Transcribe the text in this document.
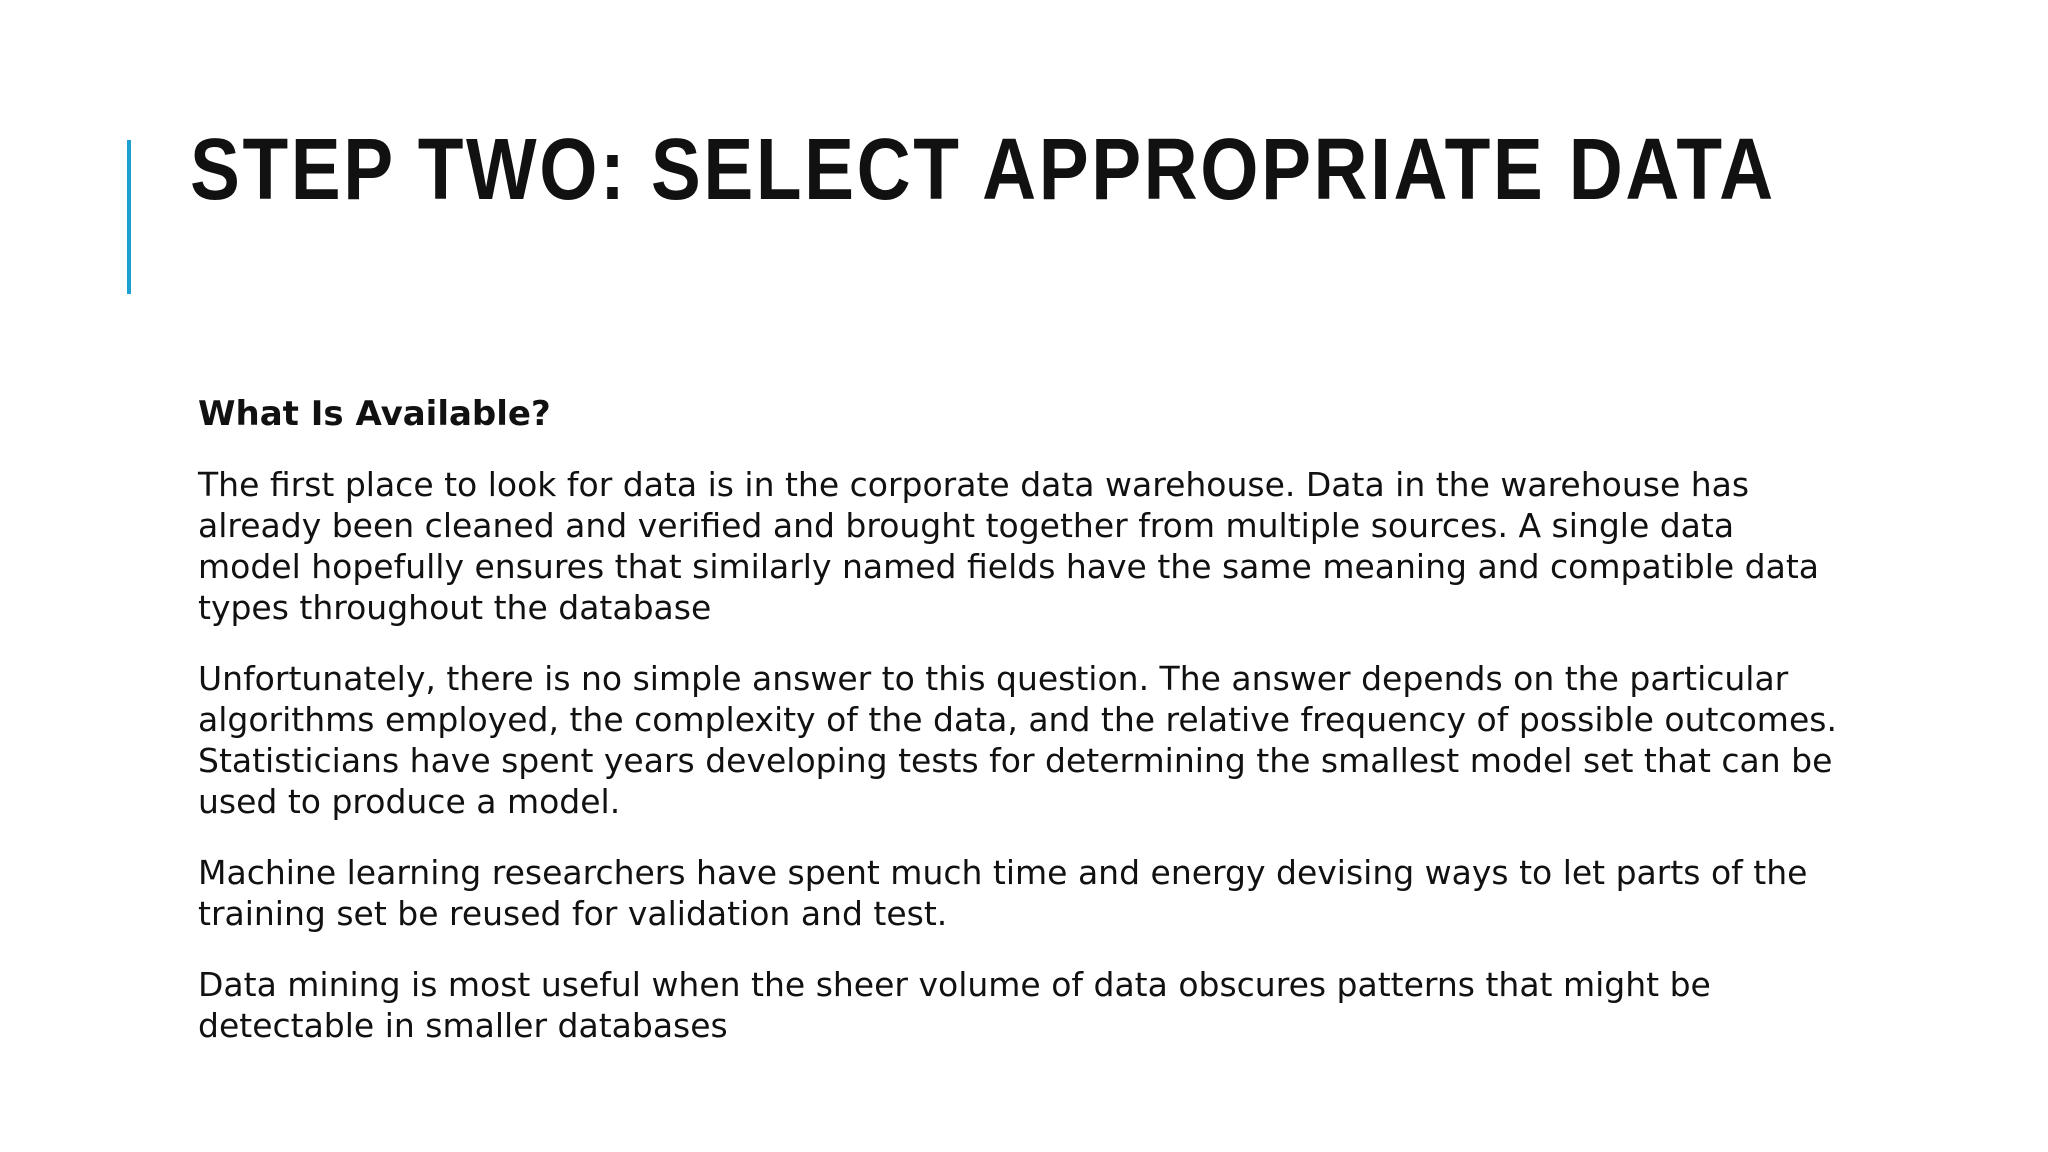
STEP TWO: SELECT APPROPRIATE DATA

What Is Available?

The first place to look for data is in the corporate data warehouse. Data in the warehouse has already been cleaned and verified and brought together from multiple sources. A single data model hopefully ensures that similarly named fields have the same meaning and compatible data types throughout the database

Unfortunately, there is no simple answer to this question. The answer depends on the particular algorithms employed, the complexity of the data, and the relative frequency of possible outcomes. Statisticians have spent years developing tests for determining the smallest model set that can be used to produce a model.

Machine learning researchers have spent much time and energy devising ways to let parts of the training set be reused for validation and test.

Data mining is most useful when the sheer volume of data obscures patterns that might be detectable in smaller databases
